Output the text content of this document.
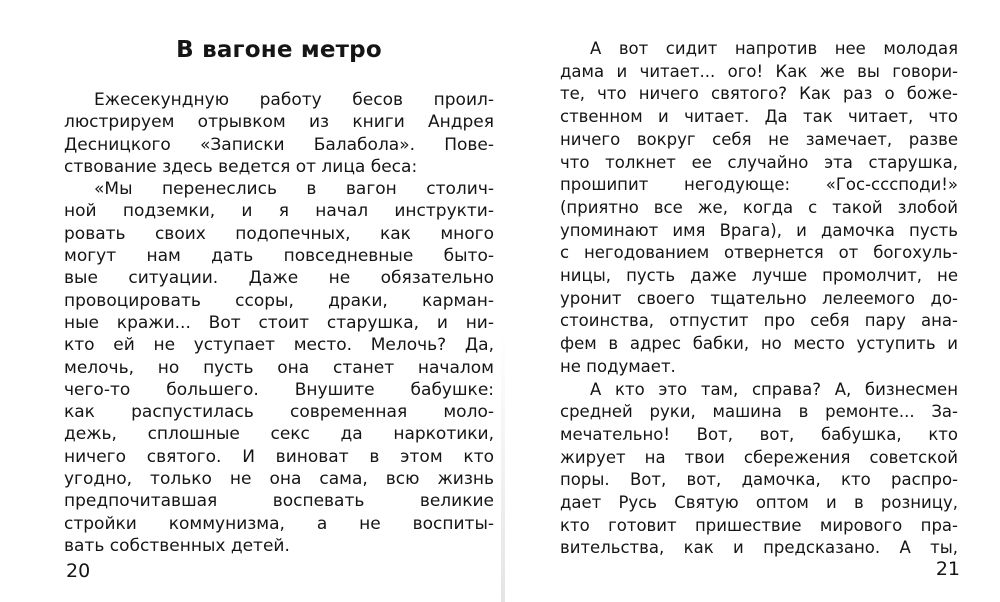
В вагоне метро
Ежесекундную работу бесов проил-
люстрируем отрывком из книги Андрея
Десницкого «Записки Балабола». Пове-
ствование здесь ведется от лица беса:
«Мы перенеслись в вагон столич-
ной подземки, и я начал инструкти-
ровать своих подопечных, как много
могут нам дать повседневные быто-
вые ситуации. Даже не обязательно
провоцировать ссоры, драки, карман-
ные кражи... Вот стоит старушка, и ни-
кто ей не уступает место. Мелочь? Да,
мелочь, но пусть она станет началом
чего-то большего. Внушите бабушке:
как распустилась современная моло-
дежь, сплошные секс да наркотики,
ничего святого. И виноват в этом кто
угодно, только не она сама, всю жизнь
предпочитавшая воспевать великие
стройки коммунизма, а не воспиты-
вать собственных детей.
А вот сидит напротив нее молодая
дама и читает... ого! Как же вы говори-
те, что ничего святого? Как раз о боже-
ственном и читает. Да так читает, что
ничего вокруг себя не замечает, разве
что толкнет ее случайно эта старушка,
прошипит негодующе: «Гос-сссподи!»
(приятно все же, когда с такой злобой
упоминают имя Врага), и дамочка пусть
с негодованием отвернется от богохуль-
ницы, пусть даже лучше промолчит, не
уронит своего тщательно лелеемого до-
стоинства, отпустит про себя пару ана-
фем в адрес бабки, но место уступить и
не подумает.
А кто это там, справа? А, бизнесмен
средней руки, машина в ремонте... За-
мечательно! Вот, вот, бабушка, кто
жирует на твои сбережения советской
поры. Вот, вот, дамочка, кто распро-
дает Русь Святую оптом и в розницу,
кто готовит пришествие мирового пра-
вительства, как и предсказано. А ты,
20	21
